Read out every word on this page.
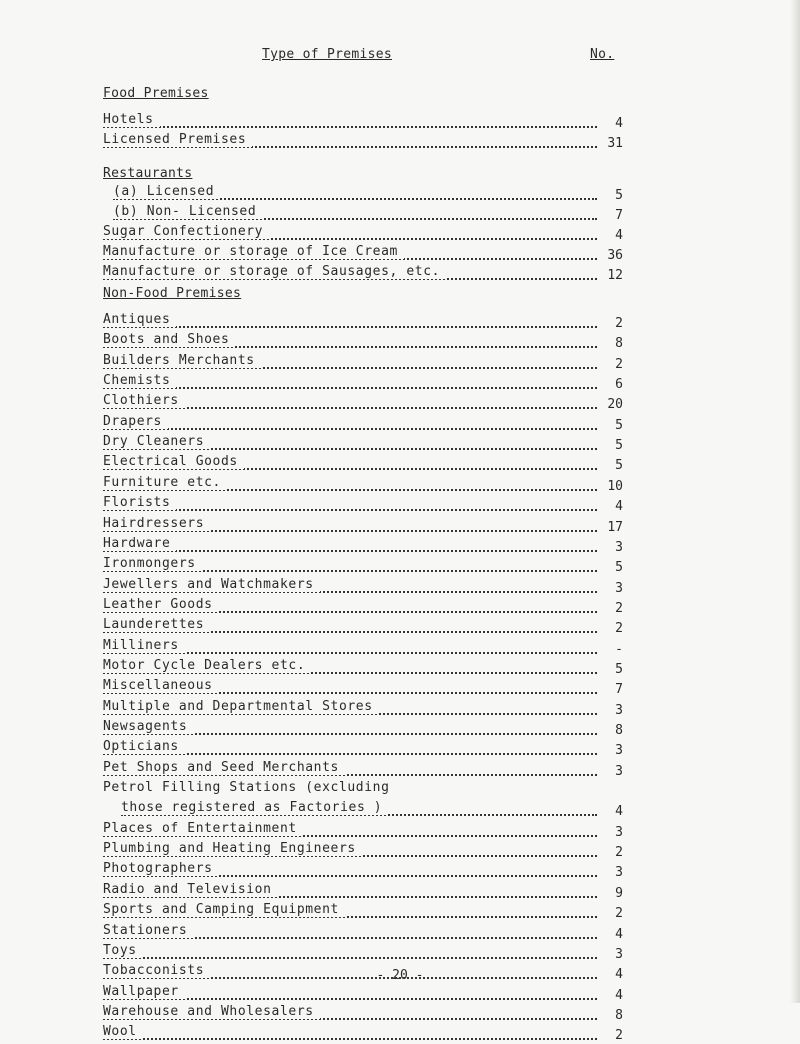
Type of Premises	No.
Food Premises
Hotels	4
Licensed Premises	31
Restaurants
(a) Licensed	5
(b) Non- Licensed	7
Sugar Confectionery	4
Manufacture or storage of Ice Cream	36
Manufacture or storage of Sausages, etc.	12
Non-Food Premises
Antiques	2
Boots and Shoes	8
Builders Merchants	2
Chemists	6
Clothiers	20
Drapers	5
Dry Cleaners	5
Electrical Goods	5
Furniture etc.	10
Florists	4
Hairdressers	17
Hardware	3
Ironmongers	5
Jewellers and Watchmakers	3
Leather Goods	2
Launderettes	2
Milliners	-
Motor Cycle Dealers etc.	5
Miscellaneous	7
Multiple and Departmental Stores	3
Newsagents	8
Opticians	3
Pet Shops and Seed Merchants	3
Petrol Filling Stations (excluding
those registered as Factories )	4
Places of Entertainment	3
Plumbing and Heating Engineers	2
Photographers	3
Radio and Television	9
Sports and Camping Equipment	2
Stationers	4
Toys	3
Tobacconists	4
Wallpaper	4
Warehouse and Wholesalers	8
Wool	2
- 20 -
